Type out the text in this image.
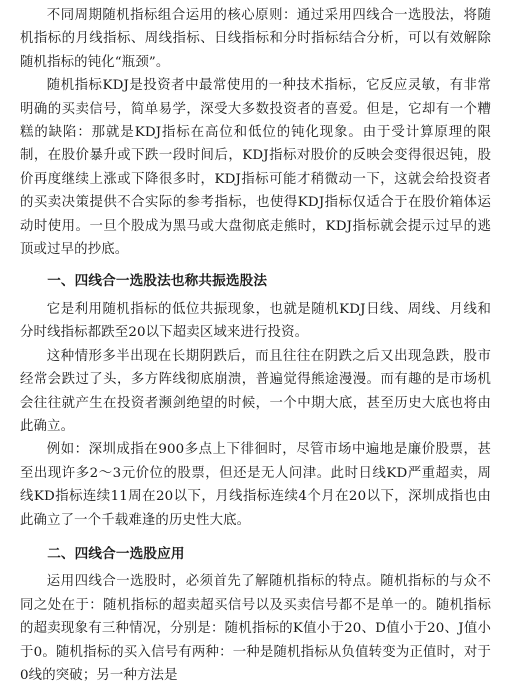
不同周期随机指标组合运用的核心原则：通过采用四线合一选股法，将随机指标的月线指标、周线指标、日线指标和分时指标结合分析，可以有效解除随机指标的钝化“瓶颈”。

随机指标KDJ是投资者中最常使用的一种技术指标，它反应灵敏，有非常明确的买卖信号，简单易学，深受大多数投资者的喜爱。但是，它却有一个糟糕的缺陷：那就是KDJ指标在高位和低位的钝化现象。由于受计算原理的限制，在股价暴升或下跌一段时间后，KDJ指标对股价的反映会变得很迟钝，股价再度继续上涨或下降很多时，KDJ指标可能才稍微动一下，这就会给投资者的买卖决策提供不合实际的参考指标，也使得KDJ指标仅适合于在股价箱体运动时使用。一旦个股成为黑马或大盘彻底走熊时，KDJ指标就会提示过早的逃顶或过早的抄底。

一、四线合一选股法也称共振选股法

它是利用随机指标的低位共振现象，也就是随机KDJ日线、周线、月线和分时线指标都跌至20以下超卖区域来进行投资。

这种情形多半出现在长期阴跌后，而且往往在阴跌之后又出现急跌，股市经常会跌过了头，多方阵线彻底崩溃，普遍觉得熊途漫漫。而有趣的是市场机会往往就产生在投资者濒剑绝望的时候，一个中期大底，甚至历史大底也将由此确立。

例如：深圳成指在900多点上下徘徊时，尽管市场中遍地是廉价股票，甚至出现许多2～3元价位的股票，但还是无人问津。此时日线KD严重超卖，周线KD指标连续11周在20以下，月线指标连续4个月在20以下，深圳成指也由此确立了一个千载难逢的历史性大底。

二、四线合一选股应用

运用四线合一选股时，必须首先了解随机指标的特点。随机指标的与众不同之处在于：随机指标的超卖超买信号以及买卖信号都不是单一的。随机指标的超卖现象有三种情况，分别是：随机指标的K值小于20、D值小于20、J值小于0。随机指标的买入信号有两种：一种是随机指标从负值转变为正值时，对于0线的突破；另一种方法是
